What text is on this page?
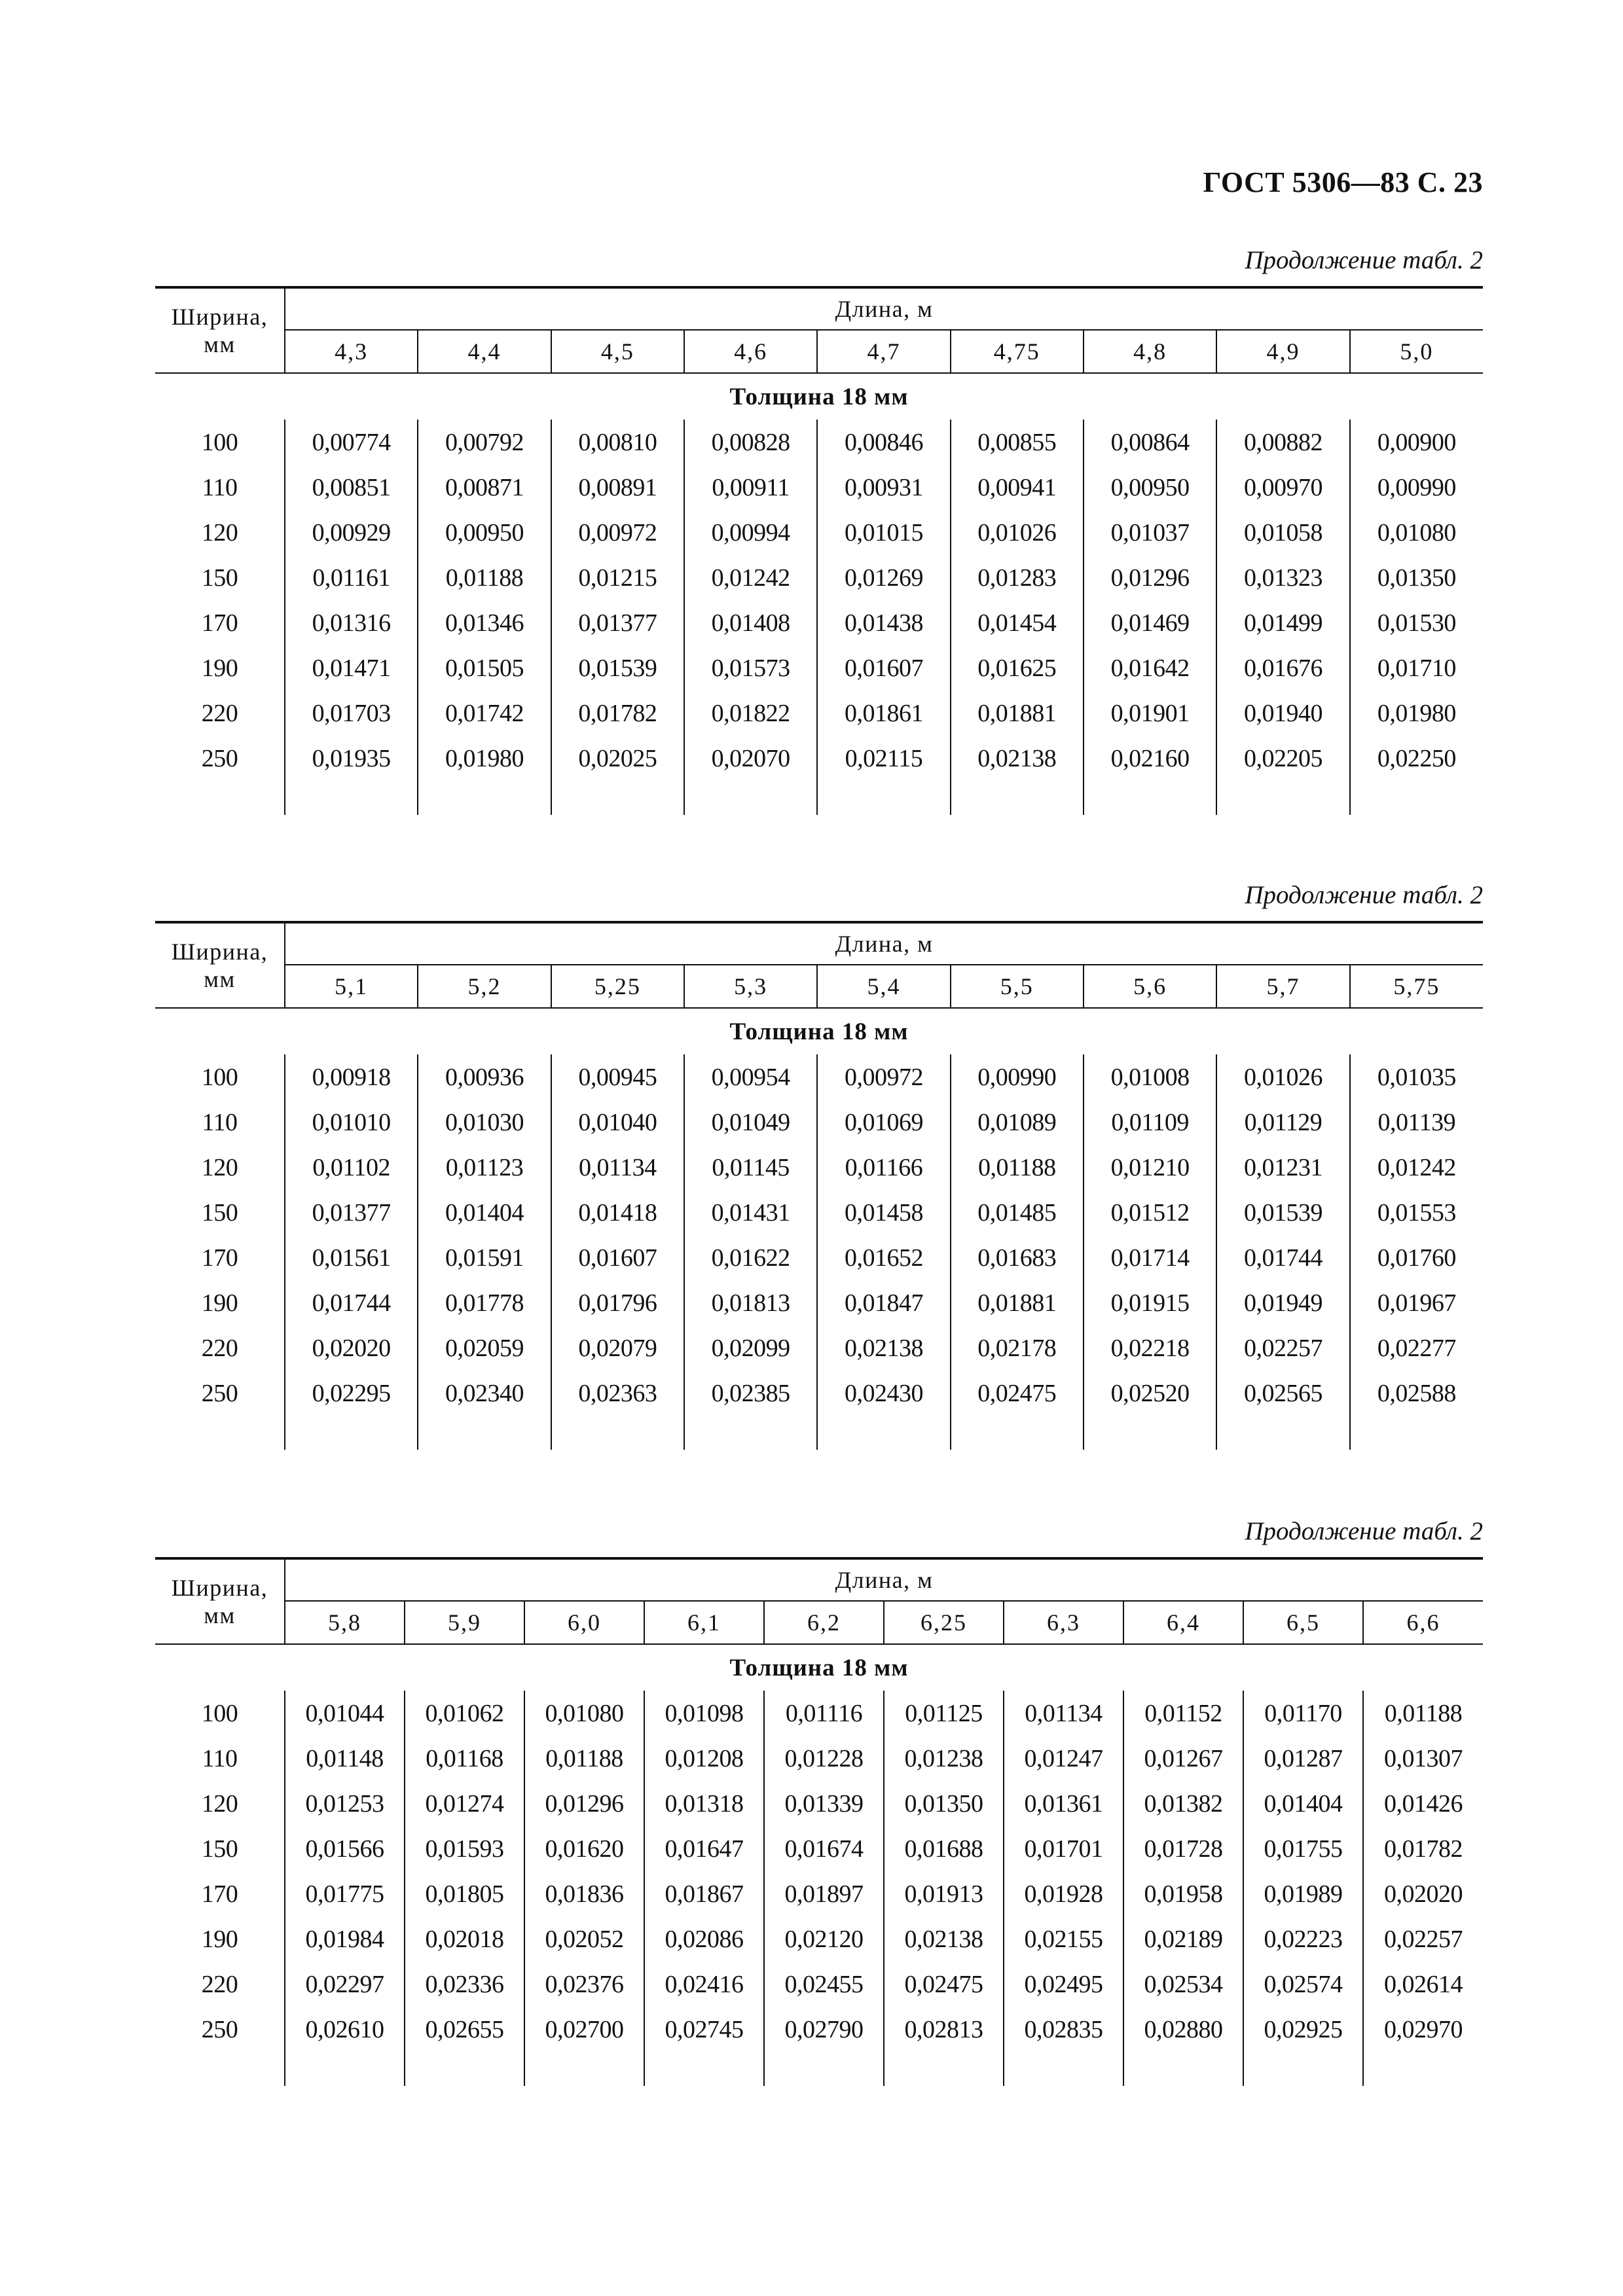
ГОСТ 5306—83 С. 23
Продолжение табл. 2
Ширина,
мм	Длина, м								
	4,3	4,4	4,5	4,6	4,7	4,75	4,8	4,9	5,0
Толщина 18 мм									
100	0,00774	0,00792	0,00810	0,00828	0,00846	0,00855	0,00864	0,00882	0,00900
110	0,00851	0,00871	0,00891	0,00911	0,00931	0,00941	0,00950	0,00970	0,00990
120	0,00929	0,00950	0,00972	0,00994	0,01015	0,01026	0,01037	0,01058	0,01080
150	0,01161	0,01188	0,01215	0,01242	0,01269	0,01283	0,01296	0,01323	0,01350
170	0,01316	0,01346	0,01377	0,01408	0,01438	0,01454	0,01469	0,01499	0,01530
190	0,01471	0,01505	0,01539	0,01573	0,01607	0,01625	0,01642	0,01676	0,01710
220	0,01703	0,01742	0,01782	0,01822	0,01861	0,01881	0,01901	0,01940	0,01980
250	0,01935	0,01980	0,02025	0,02070	0,02115	0,02138	0,02160	0,02205	0,02250

Продолжение табл. 2
Ширина,
мм	Длина, м								
	5,1	5,2	5,25	5,3	5,4	5,5	5,6	5,7	5,75
Толщина 18 мм									
100	0,00918	0,00936	0,00945	0,00954	0,00972	0,00990	0,01008	0,01026	0,01035
110	0,01010	0,01030	0,01040	0,01049	0,01069	0,01089	0,01109	0,01129	0,01139
120	0,01102	0,01123	0,01134	0,01145	0,01166	0,01188	0,01210	0,01231	0,01242
150	0,01377	0,01404	0,01418	0,01431	0,01458	0,01485	0,01512	0,01539	0,01553
170	0,01561	0,01591	0,01607	0,01622	0,01652	0,01683	0,01714	0,01744	0,01760
190	0,01744	0,01778	0,01796	0,01813	0,01847	0,01881	0,01915	0,01949	0,01967
220	0,02020	0,02059	0,02079	0,02099	0,02138	0,02178	0,02218	0,02257	0,02277
250	0,02295	0,02340	0,02363	0,02385	0,02430	0,02475	0,02520	0,02565	0,02588

Продолжение табл. 2
Ширина,
мм	Длина, м									
	5,8	5,9	6,0	6,1	6,2	6,25	6,3	6,4	6,5	6,6
Толщина 18 мм										
100	0,01044	0,01062	0,01080	0,01098	0,01116	0,01125	0,01134	0,01152	0,01170	0,01188
110	0,01148	0,01168	0,01188	0,01208	0,01228	0,01238	0,01247	0,01267	0,01287	0,01307
120	0,01253	0,01274	0,01296	0,01318	0,01339	0,01350	0,01361	0,01382	0,01404	0,01426
150	0,01566	0,01593	0,01620	0,01647	0,01674	0,01688	0,01701	0,01728	0,01755	0,01782
170	0,01775	0,01805	0,01836	0,01867	0,01897	0,01913	0,01928	0,01958	0,01989	0,02020
190	0,01984	0,02018	0,02052	0,02086	0,02120	0,02138	0,02155	0,02189	0,02223	0,02257
220	0,02297	0,02336	0,02376	0,02416	0,02455	0,02475	0,02495	0,02534	0,02574	0,02614
250	0,02610	0,02655	0,02700	0,02745	0,02790	0,02813	0,02835	0,02880	0,02925	0,02970
